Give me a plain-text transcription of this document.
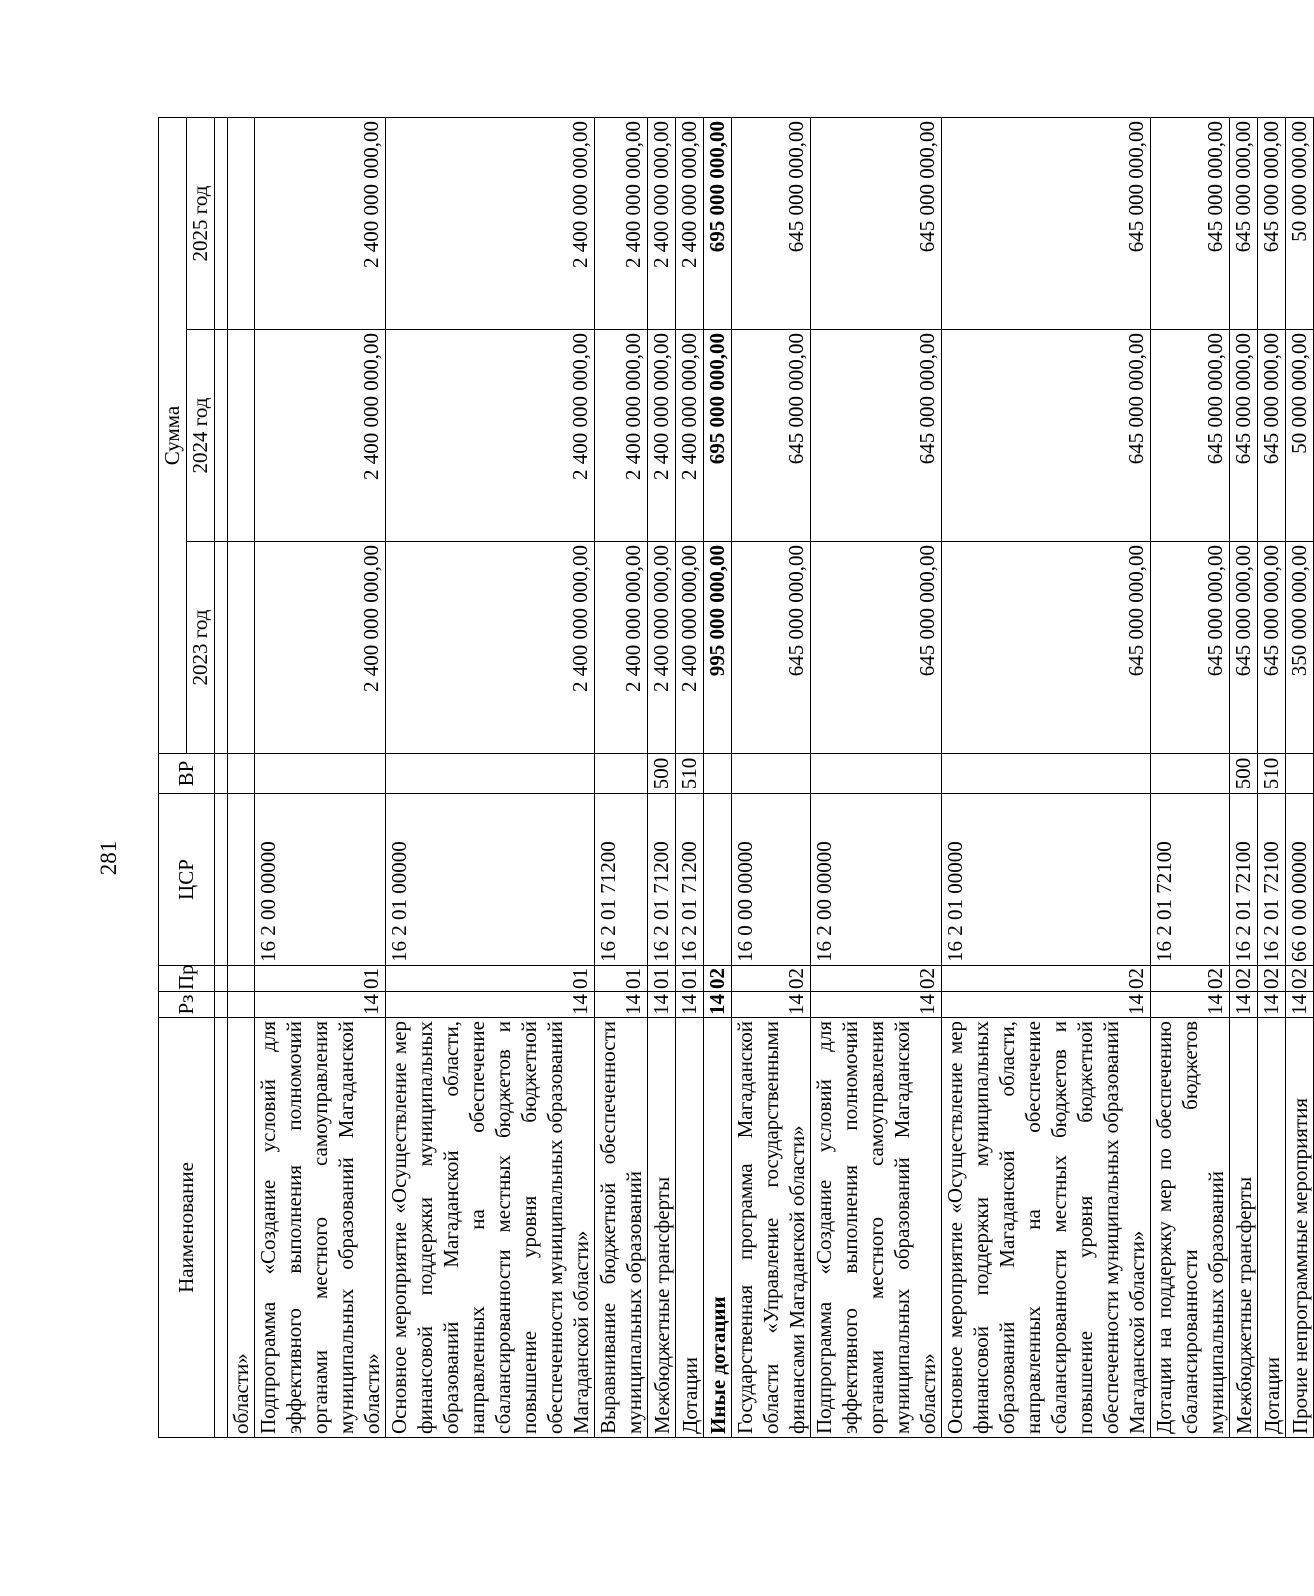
281
Наименование	Рз	Пр	ЦСР	ВР	Сумма		
					2023 год	2024 год	2025 год

области»							
Подпрограмма «Создание условий для эффективного выполнения полномочий органами местного самоуправления муниципальных образований Магаданской области»	14	01	16 2 00 00000		2 400 000 000,00	2 400 000 000,00	2 400 000 000,00
Основное мероприятие «Осуществление мер финансовой поддержки муниципальных образований Магаданской области, направленных на обеспечение сбалансированности местных бюджетов и повышение уровня бюджетной обеспеченности муниципальных образований Магаданской области»	14	01	16 2 01 00000		2 400 000 000,00	2 400 000 000,00	2 400 000 000,00
Выравнивание бюджетной обеспеченности муниципальных образований	14	01	16 2 01 71200		2 400 000 000,00	2 400 000 000,00	2 400 000 000,00
Межбюджетные трансферты	14	01	16 2 01 71200	500	2 400 000 000,00	2 400 000 000,00	2 400 000 000,00
Дотации	14	01	16 2 01 71200	510	2 400 000 000,00	2 400 000 000,00	2 400 000 000,00
Иные дотации	14	02			995 000 000,00	695 000 000,00	695 000 000,00
Государственная программа Магаданской области «Управление государственными финансами Магаданской области»	14	02	16 0 00 00000		645 000 000,00	645 000 000,00	645 000 000,00
Подпрограмма «Создание условий для эффективного выполнения полномочий органами местного самоуправления муниципальных образований Магаданской области»	14	02	16 2 00 00000		645 000 000,00	645 000 000,00	645 000 000,00
Основное мероприятие «Осуществление мер финансовой поддержки муниципальных образований Магаданской области, направленных на обеспечение сбалансированности местных бюджетов и повышение уровня бюджетной обеспеченности муниципальных образований Магаданской области»	14	02	16 2 01 00000		645 000 000,00	645 000 000,00	645 000 000,00
Дотации на поддержку мер по обеспечению сбалансированности бюджетов муниципальных образований	14	02	16 2 01 72100		645 000 000,00	645 000 000,00	645 000 000,00
Межбюджетные трансферты	14	02	16 2 01 72100	500	645 000 000,00	645 000 000,00	645 000 000,00
Дотации	14	02	16 2 01 72100	510	645 000 000,00	645 000 000,00	645 000 000,00
Прочие непрограммные мероприятия	14	02	66 0 00 00000		350 000 000,00	50 000 000,00	50 000 000,00
